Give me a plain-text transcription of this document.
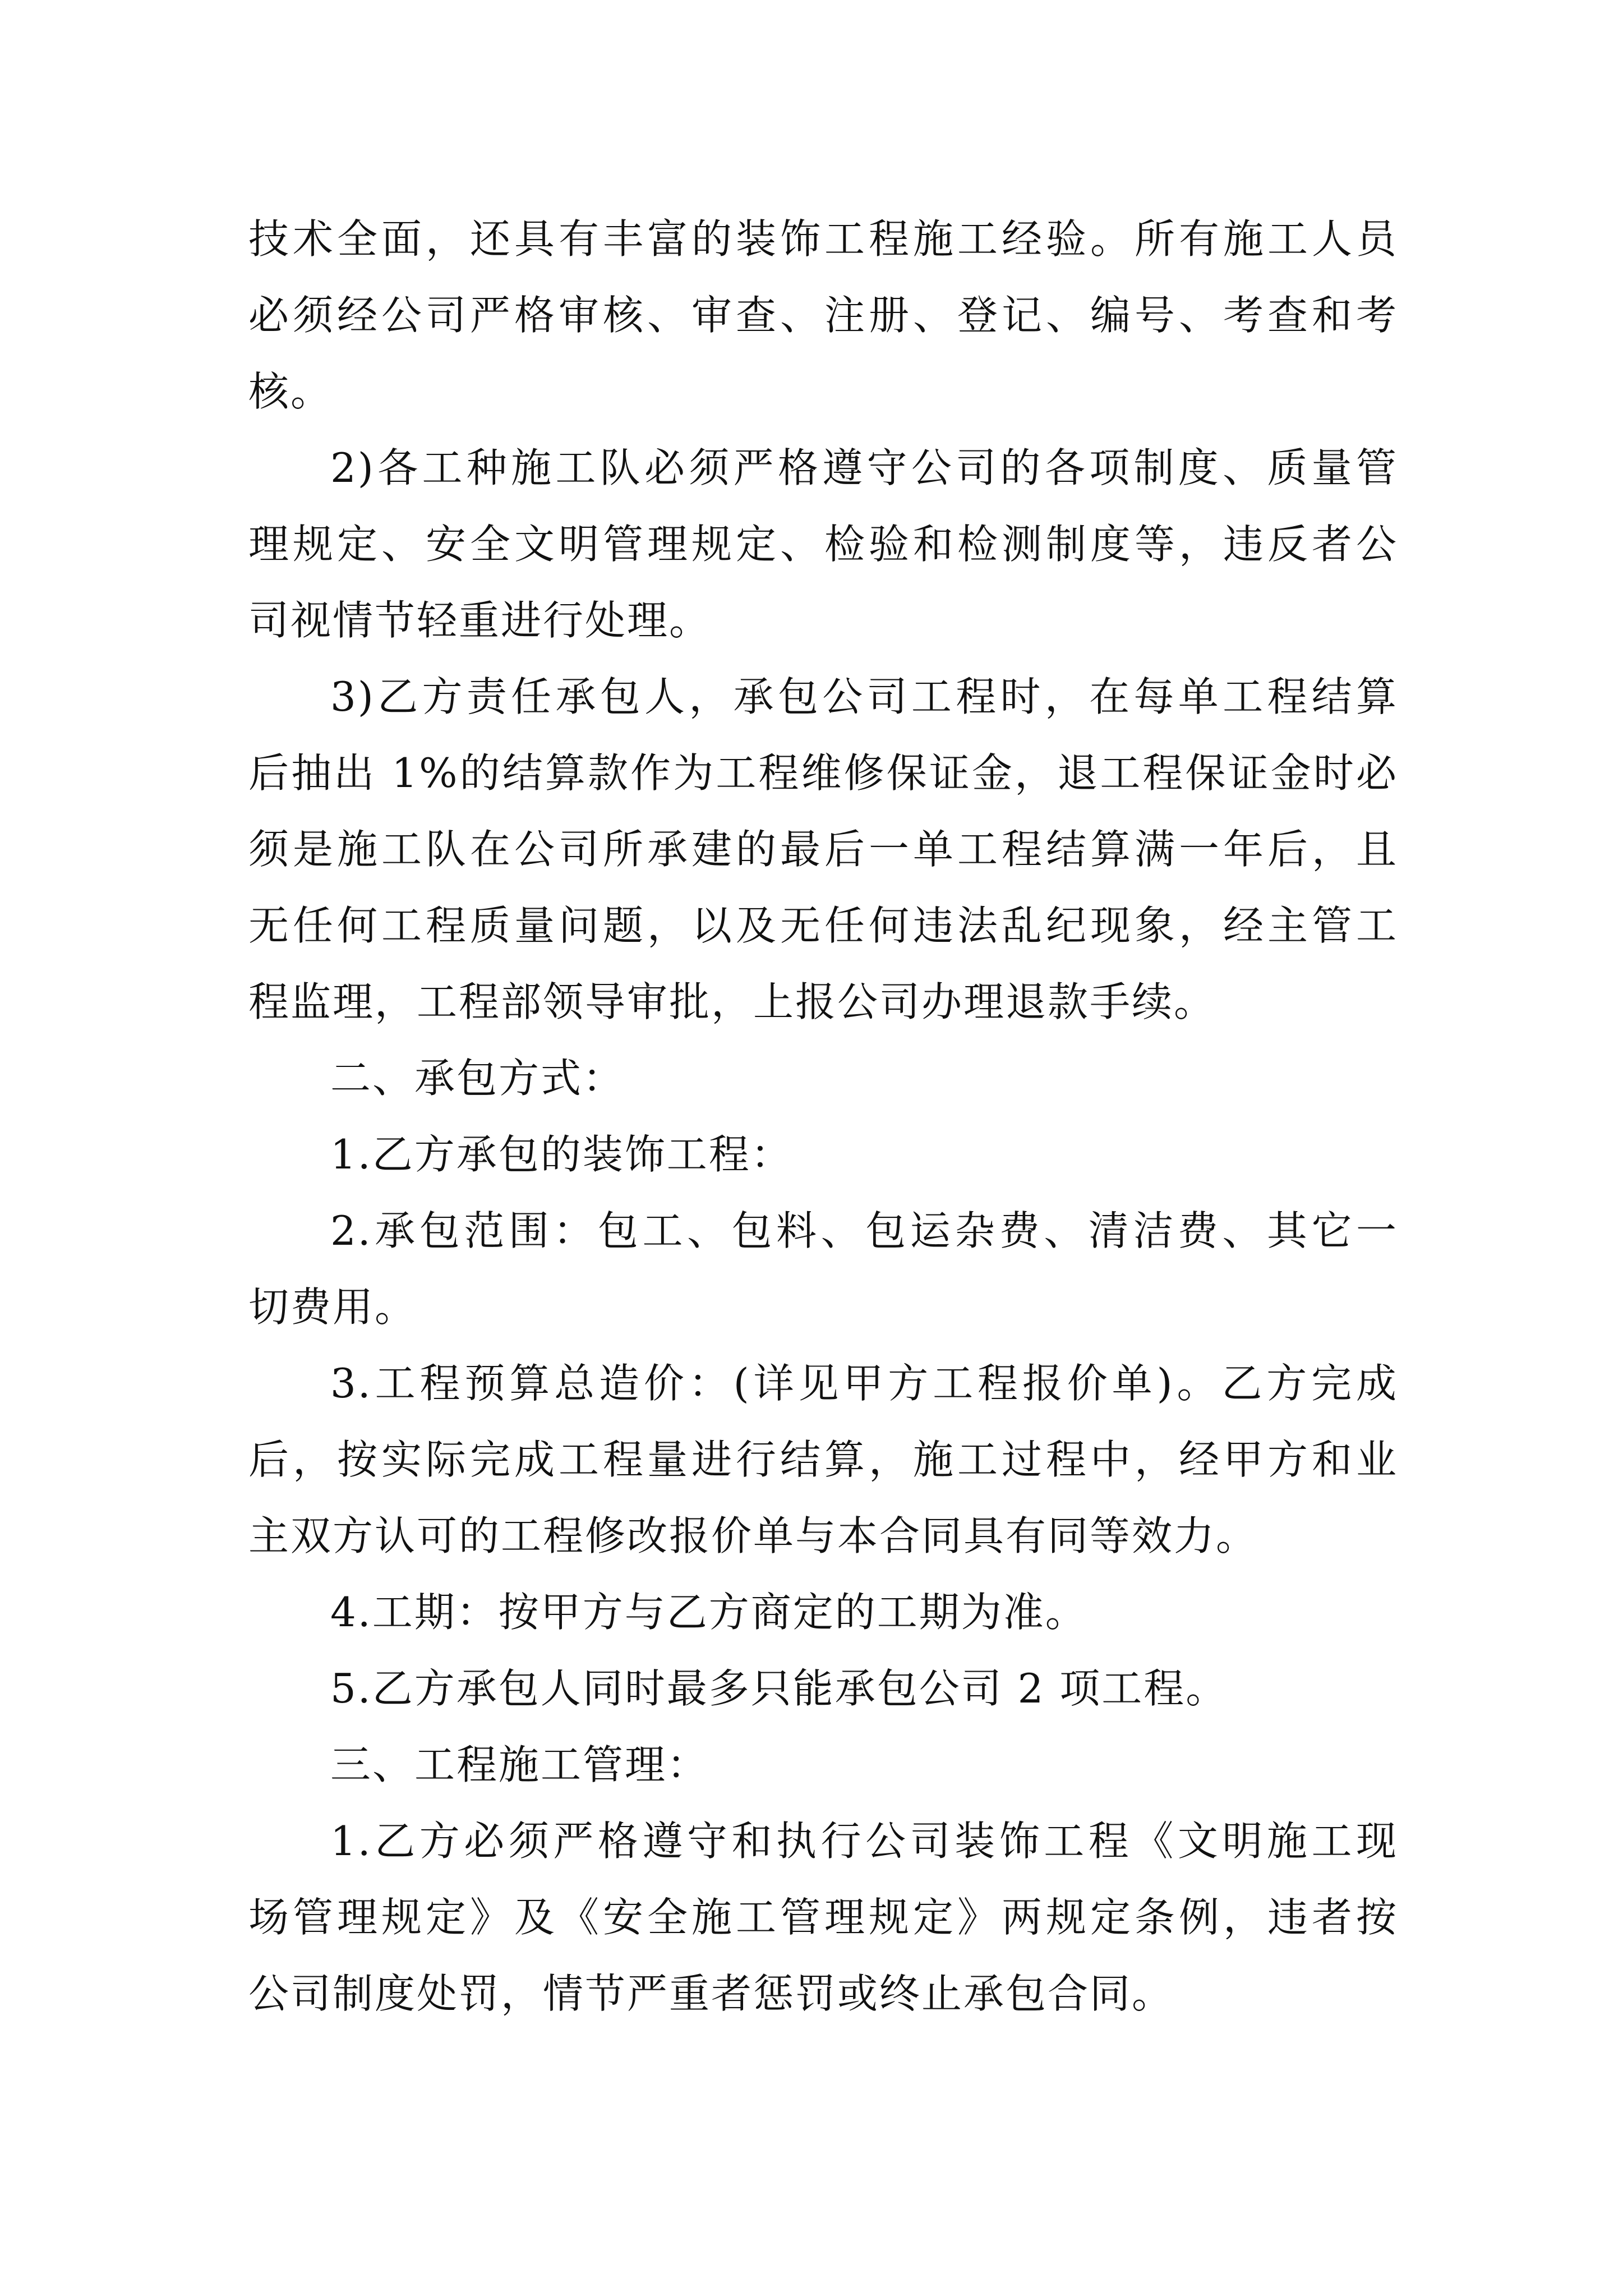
技术全面，还具有丰富的装饰工程施工经验。所有施工人员
必须经公司严格审核、审查、注册、登记、编号、考查和考
核。
2)各工种施工队必须严格遵守公司的各项制度、质量管
理规定、安全文明管理规定、检验和检测制度等，违反者公
司视情节轻重进行处理。
3)乙方责任承包人，承包公司工程时，在每单工程结算
后抽出 1%的结算款作为工程维修保证金，退工程保证金时必
须是施工队在公司所承建的最后一单工程结算满一年后，且
无任何工程质量问题，以及无任何违法乱纪现象，经主管工
程监理，工程部领导审批，上报公司办理退款手续。
二、承包方式：
1.乙方承包的装饰工程：
2.承包范围：包工、包料、包运杂费、清洁费、其它一
切费用。
3.工程预算总造价：(详见甲方工程报价单)。乙方完成
后，按实际完成工程量进行结算，施工过程中，经甲方和业
主双方认可的工程修改报价单与本合同具有同等效力。
4.工期：按甲方与乙方商定的工期为准。
5.乙方承包人同时最多只能承包公司 2 项工程。
三、工程施工管理：
1.乙方必须严格遵守和执行公司装饰工程《文明施工现
场管理规定》及《安全施工管理规定》两规定条例，违者按
公司制度处罚，情节严重者惩罚或终止承包合同。
